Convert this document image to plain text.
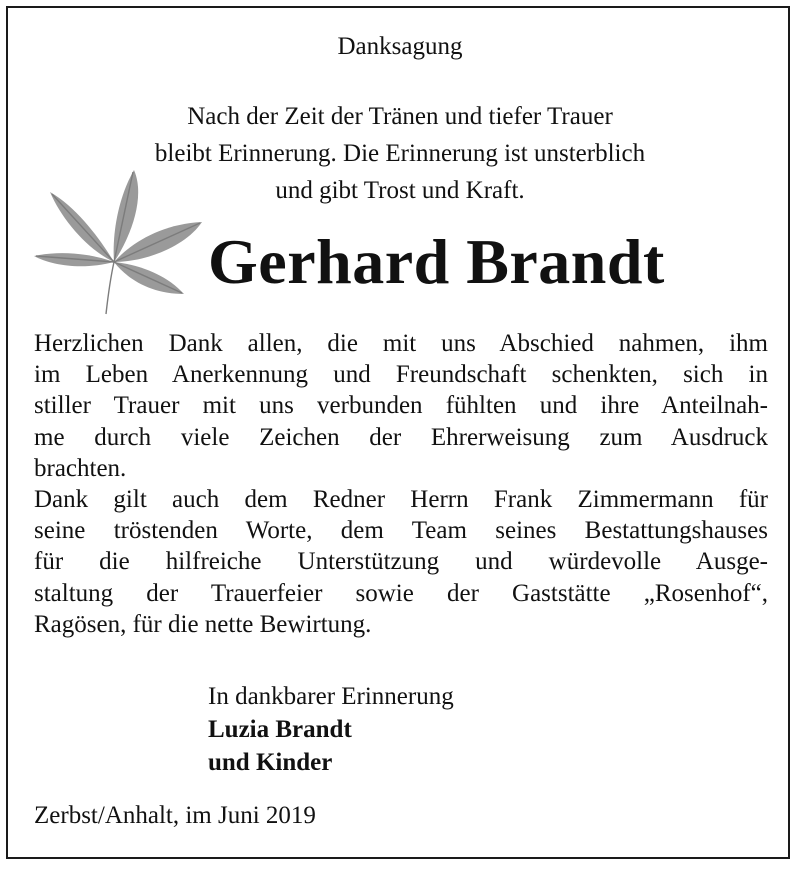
Danksagung
Nach der Zeit der Tränen und tiefer Trauer
bleibt Erinnerung. Die Erinnerung ist unsterblich
und gibt Trost und Kraft.
Gerhard Brandt
Herzlichen Dank allen, die mit uns Abschied nahmen, ihm
im Leben Anerkennung und Freundschaft schenkten, sich in
stiller Trauer mit uns verbunden fühlten und ihre Anteilnah-
me durch viele Zeichen der Ehrerweisung zum Ausdruck
brachten.
Dank gilt auch dem Redner Herrn Frank Zimmermann für
seine tröstenden Worte, dem Team seines Bestattungshauses
für die hilfreiche Unterstützung und würdevolle Ausge-
staltung der Trauerfeier sowie der Gaststätte „Rosenhof“,
Ragösen, für die nette Bewirtung.
In dankbarer Erinnerung
Luzia Brandt
und Kinder
Zerbst/Anhalt, im Juni 2019
